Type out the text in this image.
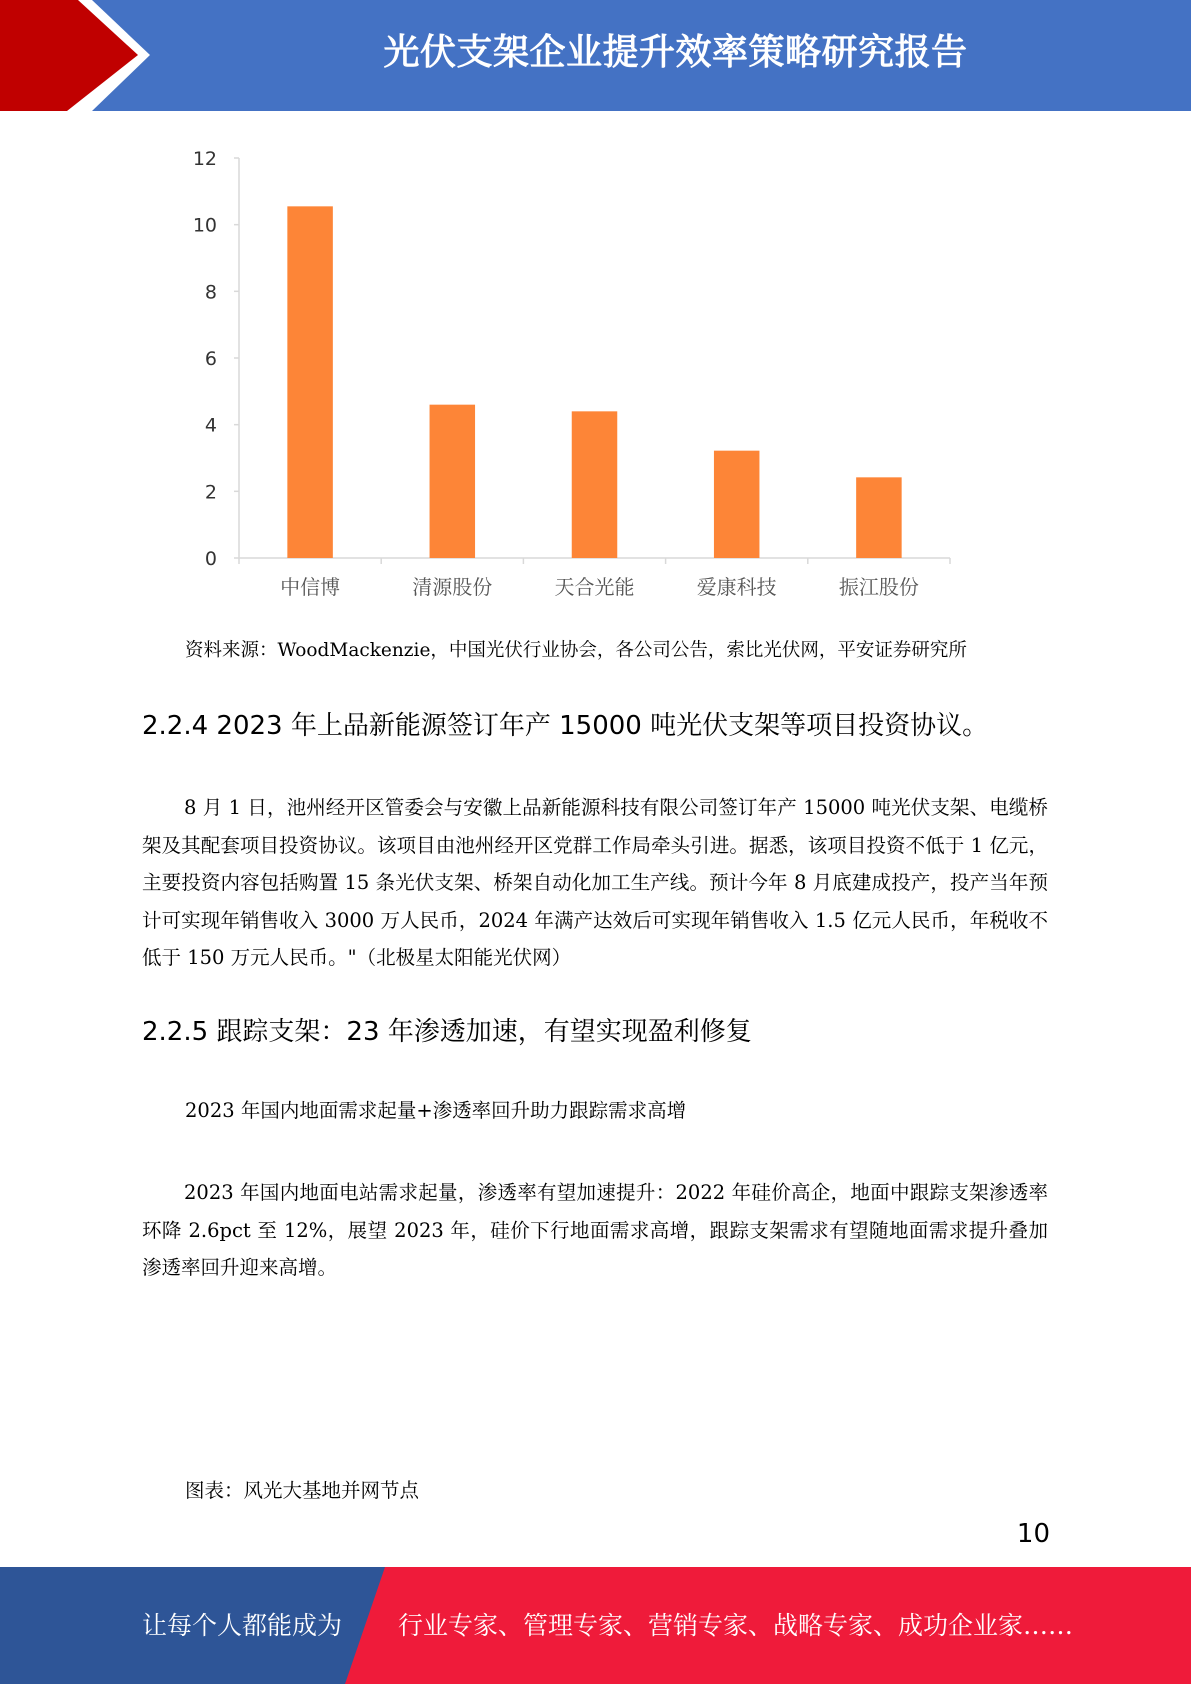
光伏支架企业提升效率策略研究报告
0
2
4
6
8
10
12
中信博	清源股份	天合光能	爱康科技	振江股份
资料来源：WoodMackenzie，中国光伏行业协会，各公司公告，索比光伏网，平安证券研究所
2.2.4 2023 年上品新能源签订年产 15000 吨光伏支架等项目投资协议。
8 月 1 日，池州经开区管委会与安徽上品新能源科技有限公司签订年产 15000 吨光伏支架、电缆桥架及其配套项目投资协议。该项目由池州经开区党群工作局牵头引进。据悉，该项目投资不低于 1 亿元，主要投资内容包括购置 15 条光伏支架、桥架自动化加工生产线。预计今年 8 月底建成投产，投产当年预计可实现年销售收入 3000 万人民币，2024 年满产达效后可实现年销售收入 1.5 亿元人民币，年税收不低于 150 万元人民币。"（北极星太阳能光伏网）
2.2.5 跟踪支架：23 年渗透加速，有望实现盈利修复
2023 年国内地面需求起量+渗透率回升助力跟踪需求高增
2023 年国内地面电站需求起量，渗透率有望加速提升：2022 年硅价高企，地面中跟踪支架渗透率环降 2.6pct 至 12%，展望 2023 年，硅价下行地面需求高增，跟踪支架需求有望随地面需求提升叠加渗透率回升迎来高增。
图表：风光大基地并网节点
10
让每个人都能成为 行业专家、管理专家、营销专家、战略专家、成功企业家……
